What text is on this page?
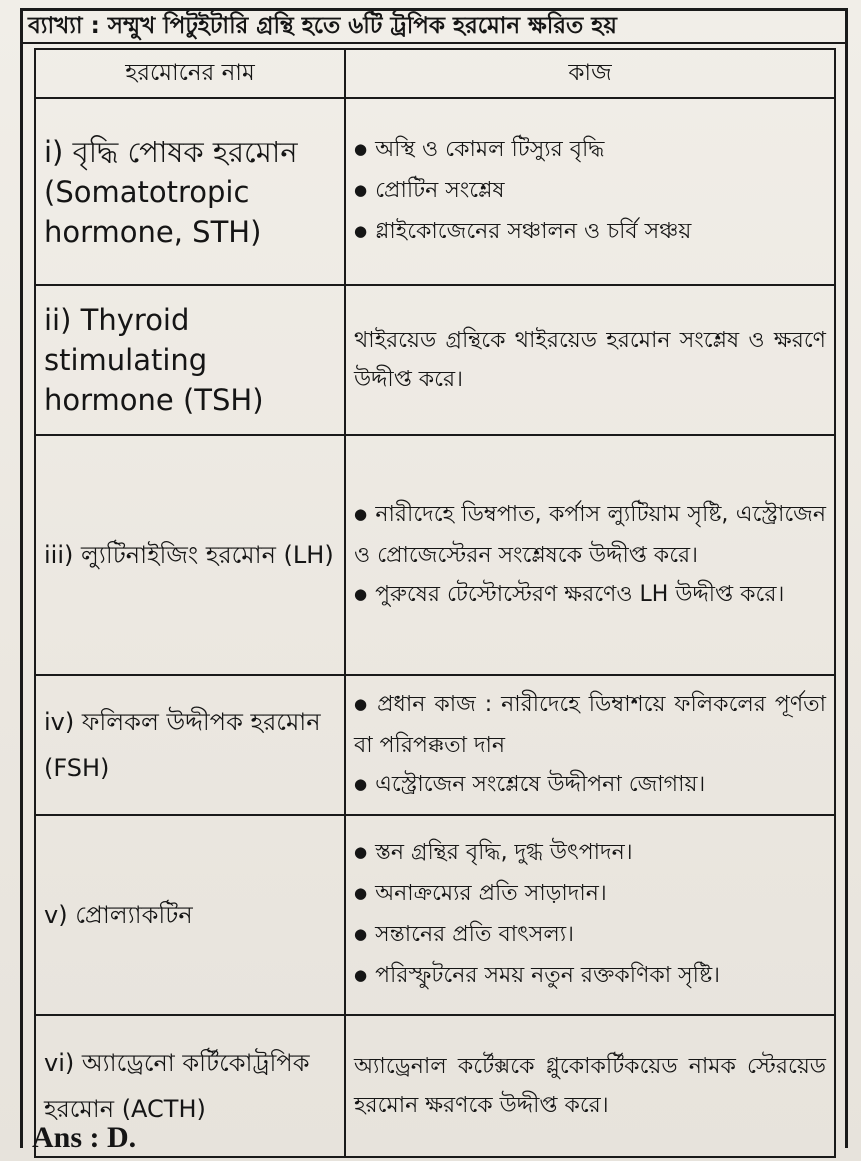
ব্যাখ্যা : সম্মুখ পিটুইটারি গ্রন্থি হতে ৬টি ট্রপিক হরমোন ক্ষরিত হয়
হরমোনের নাম	কাজ
i) বৃদ্ধি পোষক হরমোন (Somatotropic hormone, STH)	● অস্থি ও কোমল টিস্যুর বৃদ্ধি
● প্রোটিন সংশ্লেষ
● গ্লাইকোজেনের সঞ্চালন ও চর্বি সঞ্চয়

ii) Thyroid stimulating hormone (TSH)	থাইরয়েড গ্রন্থিকে থাইরয়েড হরমোন সংশ্লেষ ও ক্ষরণে উদ্দীপ্ত করে।
iii) ল্যুটিনাইজিং হরমোন (LH)	● নারীদেহে ডিম্বপাত, কর্পাস ল্যুটিয়াম সৃষ্টি, এস্ট্রোজেন ও প্রোজেস্টেরন সংশ্লেষকে উদ্দীপ্ত করে।
● পুরুষের টেস্টোস্টেরণ ক্ষরণেও LH উদ্দীপ্ত করে।

iv) ফলিকল উদ্দীপক হরমোন (FSH)	● প্রধান কাজ : নারীদেহে ডিম্বাশয়ে ফলিকলের পূর্ণতা বা পরিপক্কতা দান
● এস্ট্রোজেন সংশ্লেষে উদ্দীপনা জোগায়।

v) প্রোল্যাকটিন	● স্তন গ্রন্থির বৃদ্ধি, দুগ্ধ উৎপাদন।
● অনাক্রম্যের প্রতি সাড়াদান।
● সন্তানের প্রতি বাৎসল্য।
● পরিস্ফুটনের সময় নতুন রক্তকণিকা সৃষ্টি।

vi) অ্যাড্রেনো কর্টিকোট্রপিক হরমোন (ACTH)	অ্যাড্রেনাল কর্টেক্সকে গ্লুকোকর্টিকয়েড নামক স্টেরয়েড হরমোন ক্ষরণকে উদ্দীপ্ত করে।
Ans : D.
